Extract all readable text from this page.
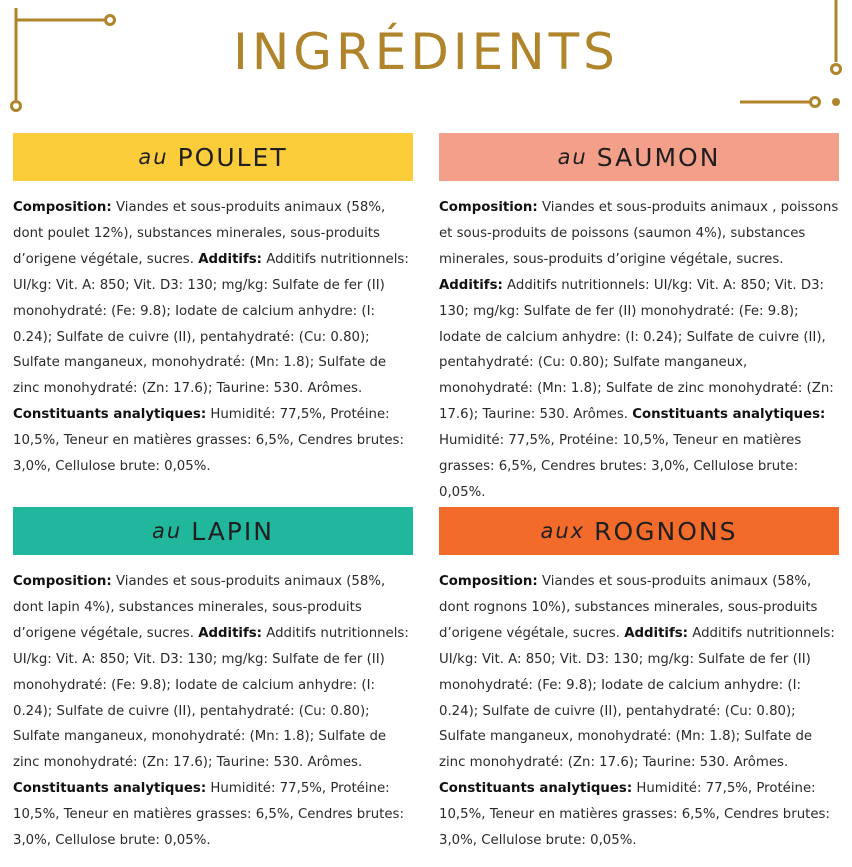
INGRÉDIENTS
au POULET

Composition: Viandes et sous-produits animaux (58%, dont poulet 12%), substances minerales, sous-produits d’origene végétale, sucres. Additifs: Additifs nutritionnels: UI/kg: Vit. A: 850; Vit. D3: 130; mg/kg: Sulfate de fer (II) monohydraté: (Fe: 9.8); Iodate de calcium anhydre: (I: 0.24); Sulfate de cuivre (II), pentahydraté: (Cu: 0.80); Sulfate manganeux, monohydraté: (Mn: 1.8); Sulfate de zinc monohydraté: (Zn: 17.6); Taurine: 530. Arômes. Constituants analytiques: Humidité: 77,5%, Protéine: 10,5%, Teneur en matières grasses: 6,5%, Cendres brutes: 3,0%, Cellulose brute: 0,05%.

au SAUMON

Composition: Viandes et sous-produits animaux , poissons et sous-produits de poissons (saumon 4%), substances minerales, sous-produits d’origine végétale, sucres. Additifs: Additifs nutritionnels: UI/kg: Vit. A: 850; Vit. D3: 130; mg/kg: Sulfate de fer (II) monohydraté: (Fe: 9.8); Iodate de calcium anhydre: (I: 0.24); Sulfate de cuivre (II), pentahydraté: (Cu: 0.80); Sulfate manganeux, monohydraté: (Mn: 1.8); Sulfate de zinc monohydraté: (Zn: 17.6); Taurine: 530. Arômes. Constituants analytiques: Humidité: 77,5%, Protéine: 10,5%, Teneur en matières grasses: 6,5%, Cendres brutes: 3,0%, Cellulose brute: 0,05%.

au LAPIN

Composition: Viandes et sous-produits animaux (58%, dont lapin 4%), substances minerales, sous-produits d’origene végétale, sucres. Additifs: Additifs nutritionnels: UI/kg: Vit. A: 850; Vit. D3: 130; mg/kg: Sulfate de fer (II) monohydraté: (Fe: 9.8); Iodate de calcium anhydre: (I: 0.24); Sulfate de cuivre (II), pentahydraté: (Cu: 0.80); Sulfate manganeux, monohydraté: (Mn: 1.8); Sulfate de zinc monohydraté: (Zn: 17.6); Taurine: 530. Arômes. Constituants analytiques: Humidité: 77,5%, Protéine: 10,5%, Teneur en matières grasses: 6,5%, Cendres brutes: 3,0%, Cellulose brute: 0,05%.

aux ROGNONS

Composition: Viandes et sous-produits animaux (58%, dont rognons 10%), substances minerales, sous-produits d’origene végétale, sucres. Additifs: Additifs nutritionnels: UI/kg: Vit. A: 850; Vit. D3: 130; mg/kg: Sulfate de fer (II) monohydraté: (Fe: 9.8); Iodate de calcium anhydre: (I: 0.24); Sulfate de cuivre (II), pentahydraté: (Cu: 0.80); Sulfate manganeux, monohydraté: (Mn: 1.8); Sulfate de zinc monohydraté: (Zn: 17.6); Taurine: 530. Arômes. Constituants analytiques: Humidité: 77,5%, Protéine: 10,5%, Teneur en matières grasses: 6,5%, Cendres brutes: 3,0%, Cellulose brute: 0,05%.
